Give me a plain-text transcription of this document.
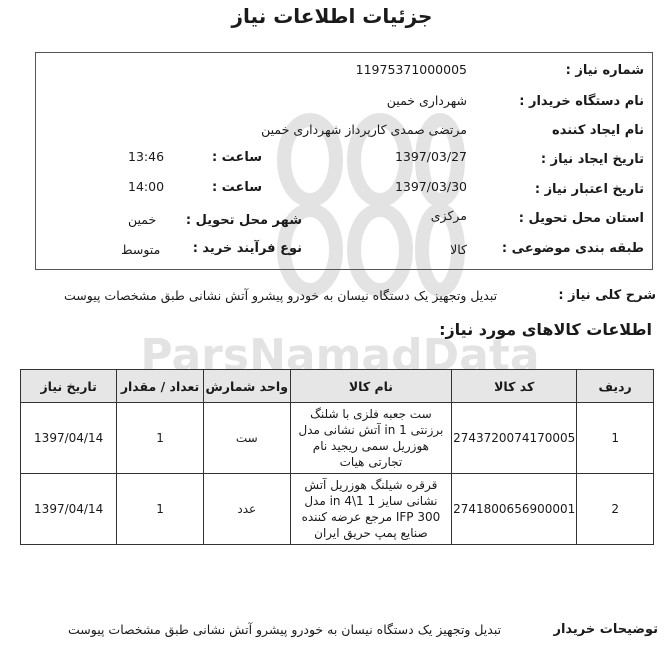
جزئیات اطلاعات نیاز
ParsNamadData
شماره نیاز :
11975371000005
نام دستگاه خریدار :
شهرداری خمین
نام ایجاد کننده
مرتضی صمدی کارپرداز شهرداری خمین
تاریخ ایجاد نیاز :
1397/03/27
ساعت :
13:46
تاریخ اعتبار نیاز :
1397/03/30
ساعت :
14:00
استان محل تحویل :
مرکزی
شهر محل تحویل :
خمین
طبقه بندی موضوعی :
کالا
نوع فرآیند خرید :
متوسط
شرح کلی نیاز :
تبدیل وتجهیز یک دستگاه نیسان به خودرو پیشرو آتش نشانی طبق مشخصات پیوست
اطلاعات کالاهای مورد نیاز:
ردیف	کد کالا	نام کالا	واحد شمارش	تعداد / مقدار	تاریخ نیاز
1	2743720074170005	ست جعبه فلزی با شلنگ برزنتی 1 in آتش نشانی مدل هوزریل سمی ریجید نام تجارتی هیات	ست	1	1397/04/14
2	2741800656900001	قرقره شیلنگ هوزریل آتش نشانی سایز 1 1\4 in مدل IFP 300 مرجع عرضه کننده صنایع پمپ حریق ایران	عدد	1	1397/04/14
توضیحات خریدار
تبدیل وتجهیز یک دستگاه نیسان به خودرو پیشرو آتش نشانی طبق مشخصات پیوست
